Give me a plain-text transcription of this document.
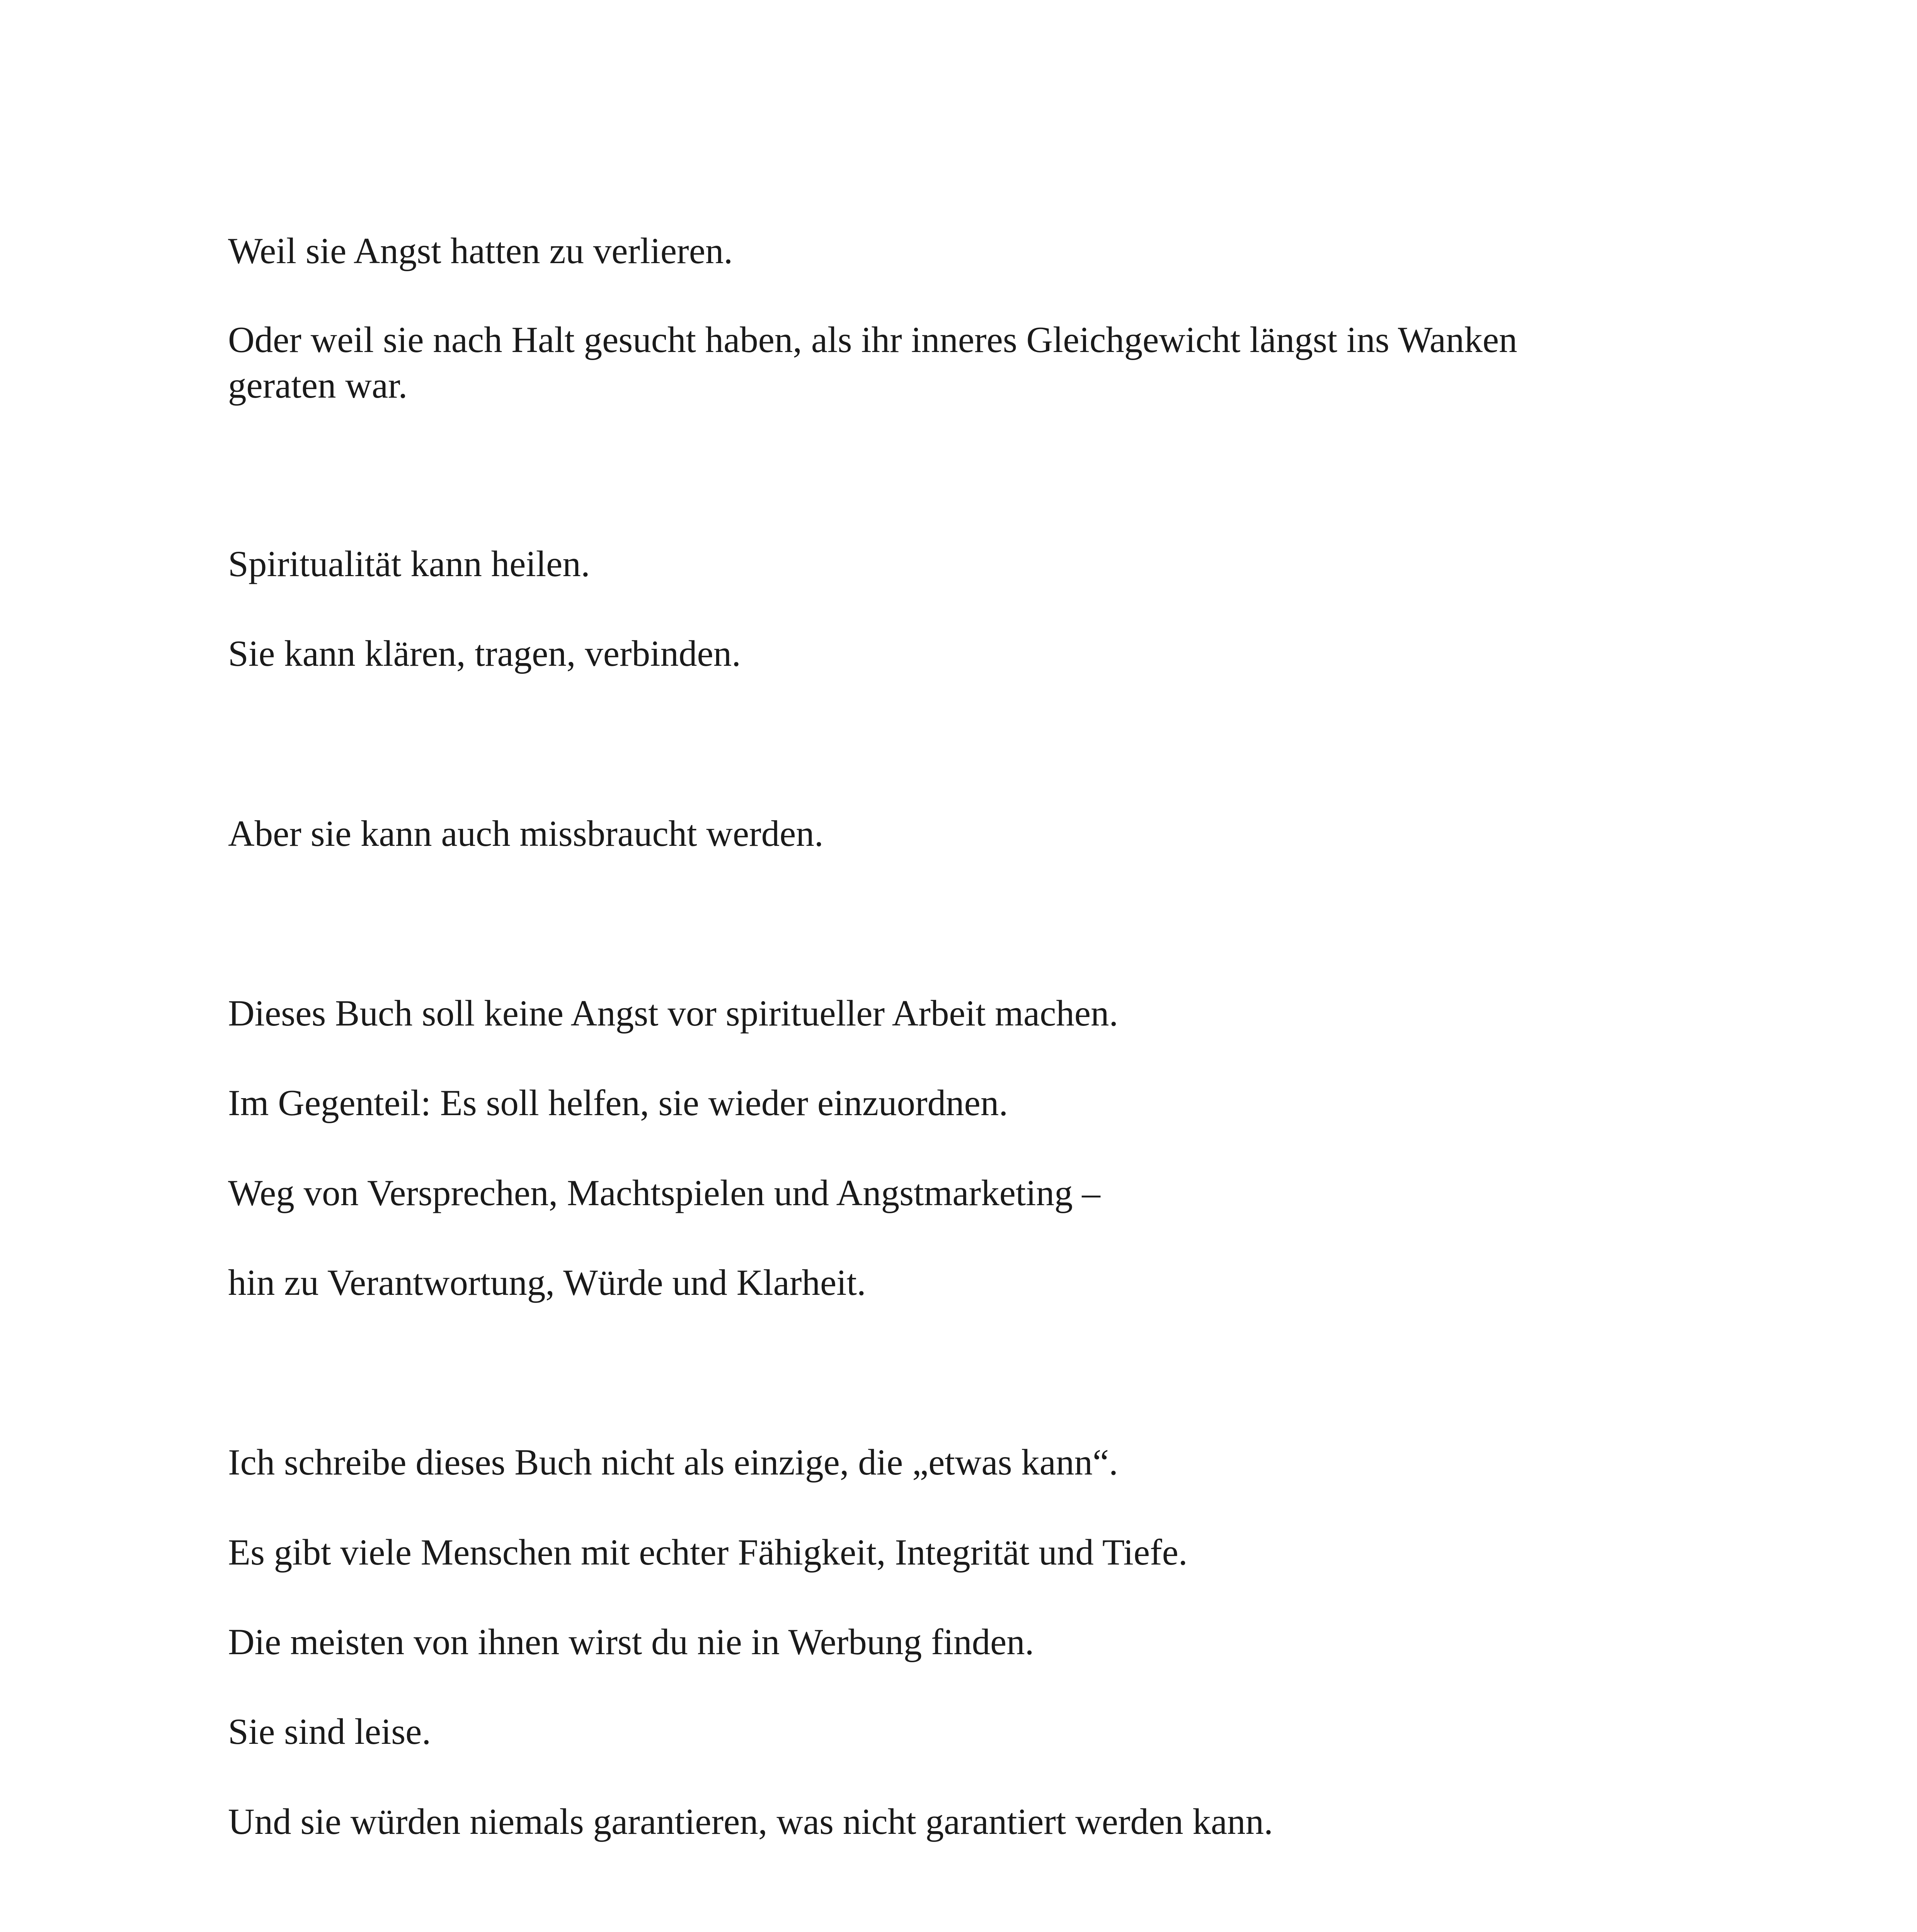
Weil sie Angst hatten zu verlieren.

Oder weil sie nach Halt gesucht haben, als ihr inneres Gleichgewicht längst ins Wanken geraten war.

Spiritualität kann heilen.

Sie kann klären, tragen, verbinden.

Aber sie kann auch missbraucht werden.

Dieses Buch soll keine Angst vor spiritueller Arbeit machen.

Im Gegenteil: Es soll helfen, sie wieder einzuordnen.

Weg von Versprechen, Machtspielen und Angstmarketing –

hin zu Verantwortung, Würde und Klarheit.

Ich schreibe dieses Buch nicht als einzige, die „etwas kann“.

Es gibt viele Menschen mit echter Fähigkeit, Integrität und Tiefe.

Die meisten von ihnen wirst du nie in Werbung finden.

Sie sind leise.

Und sie würden niemals garantieren, was nicht garantiert werden kann.
